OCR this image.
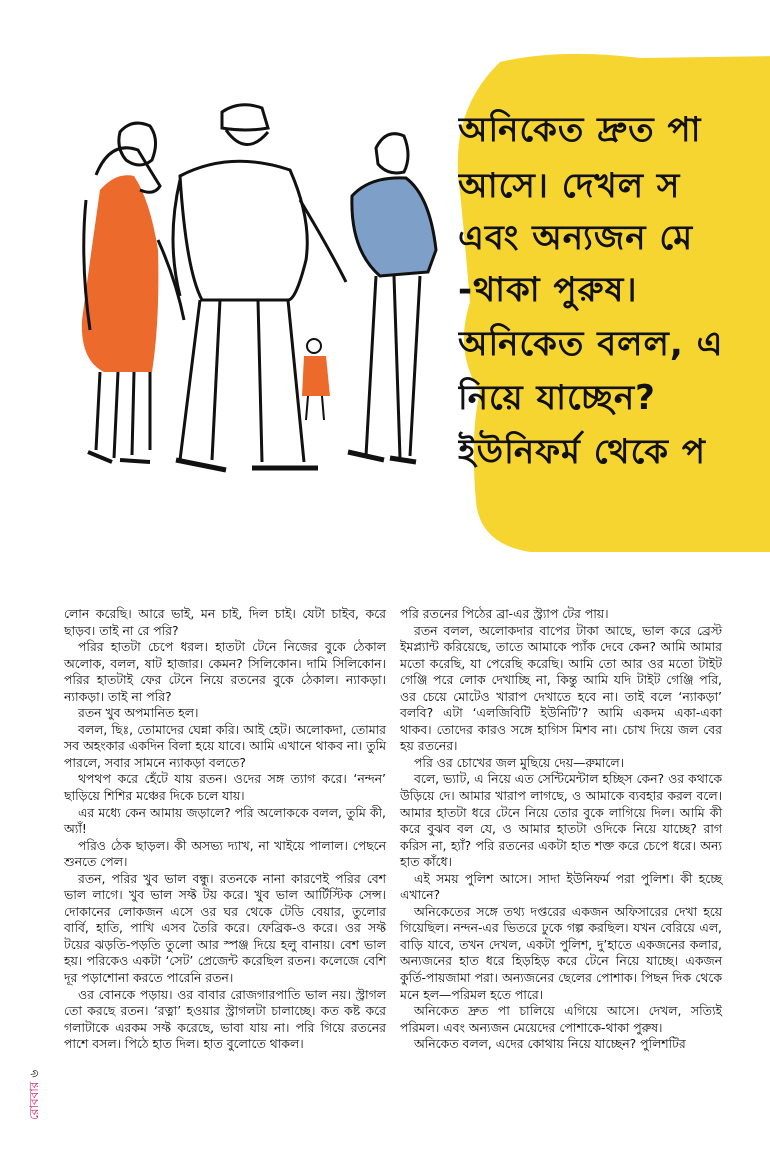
অনিকেত দ্রুত পা
আসে। দেখল স
এবং অন্যজন মে
-থাকা পুরুষ।
অনিকেত বলল, এ
নিয়ে যাচ্ছেন?
ইউনিফর্ম থেকে প

লোন করেছি। আরে ভাই, মন চাই, দিল চাই। যেটা চাইব, করে ছাড়ব। তাই না রে পরি?

পরির হাতটা চেপে ধরল। হাতটা টেনে নিজের বুকে ঠেকাল অলোক, বলল, ষাট হাজার। কেমন? সিলিকোন। দামি সিলিকোন। পরির হাতটাই ফের টেনে নিয়ে রতনের বুকে ঠেকাল। ন্যাকড়া। ন্যাকড়া। তাই না পরি?

রতন খুব অপমানিত হল।

বলল, ছিঃ, তোমাদের ঘেন্না করি। আই হেট। অলোকদা, তোমার সব অহংকার একদিন বিলা হয়ে যাবে। আমি এখানে থাকব না। তুমি পারলে, সবার সামনে ন্যাকড়া বলতে?

থপথপ করে হেঁটে যায় রতন। ওদের সঙ্গ ত্যাগ করে। ‘নন্দন’ ছাড়িয়ে শিশির মঞ্চের দিকে চলে যায়।

এর মধ্যে কেন আমায় জড়ালে? পরি অলোককে বলল, তুমি কী, অ্যাঁ!

পরিও ঠেক ছাড়ল। কী অসভ্য দ্যাখ, না খাইয়ে পালাল। পেছনে শুনতে পেল।

রতন, পরির খুব ভাল বন্ধু। রতনকে নানা কারণেই পরির বেশ ভাল লাগে। খুব ভাল সফ্ট টয় করে। খুব ভাল আর্টিস্টিক সেন্স। দোকানের লোকজন এসে ওর ঘর থেকে টেডি বেয়ার, তুলোর বার্বি, হাতি, পাখি এসব তৈরি করে। ফেব্রিক-ও করে। ওর সফ্ট টয়ের ঝড়তি-পড়তি তুলো আর স্পঞ্জ দিয়ে হলু বানায়। বেশ ভাল হয়। পরিকেও একটা ‘সেট’ প্রেজেন্ট করেছিল রতন। কলেজে বেশি দূর পড়াশোনা করতে পারেনি রতন।

ওর বোনকে পড়ায়। ওর বাবার রোজগারপাতি ভাল নয়। স্ট্রাগল তো করছে রতন। ‘রত্না’ হওয়ার স্ট্রাগলটা চালাচ্ছে। কত কষ্ট করে গলাটাকে এরকম সফ্ট করেছে, ভাবা যায় না। পরি গিয়ে রতনের পাশে বসল। পিঠে হাত দিল। হাত বুলোতে থাকল।

পরি রতনের পিঠের ব্রা-এর স্ট্র্যাপ টের পায়।

রতন বলল, অলোকদার বাপের টাকা আছে, ভাল করে ব্রেস্ট ইমপ্ল্যান্ট করিয়েছে, তাতে আমাকে প্যাঁক দেবে কেন? আমি আমার মতো করেছি, যা পেরেছি করেছি। আমি তো আর ওর মতো টাইট গেঞ্জি পরে লোক দেখাচ্ছি না, কিন্তু আমি যদি টাইট গেঞ্জি পরি, ওর চেয়ে মোটেও খারাপ দেখাতে হবে না। তাই বলে ‘ন্যাকড়া’ বলবি? এটা ‘এলজিবিটি ইউনিটি’? আমি একদম একা-একা থাকব। তোদের কারও সঙ্গে হাগিস মিশব না। চোখ দিয়ে জল বের হয় রতনের।

পরি ওর চোখের জল মুছিয়ে দেয়—রুমালে।

বলে, ভ্যাট, এ নিয়ে এত সেন্টিমেন্টাল হচ্ছিস কেন? ওর কথাকে উড়িয়ে দে। আমার খারাপ লাগছে, ও আমাকে ব্যবহার করল বলে। আমার হাতটা ধরে টেনে নিয়ে তোর বুকে লাগিয়ে দিল। আমি কী করে বুঝব বল যে, ও আমার হাতটা ওদিকে নিয়ে যাচ্ছে? রাগ করিস না, হ্যাঁ? পরি রতনের একটা হাত শক্ত করে চেপে ধরে। অন্য হাত কাঁধে।

এই সময় পুলিশ আসে। সাদা ইউনিফর্ম পরা পুলিশ। কী হচ্ছে এখানে?

অনিকেতের সঙ্গে তথ্য দপ্তরের একজন অফিসারের দেখা হয়ে গিয়েছিল। নন্দন-এর ভিতরে ঢুকে গল্প করছিল। যখন বেরিয়ে এল, বাড়ি যাবে, তখন দেখল, একটা পুলিশ, দু’হাতে একজনের কলার, অন্যজনের হাত ধরে হিড়হিড় করে টেনে নিয়ে যাচ্ছে। একজন কুর্তি-পায়জামা পরা। অন্যজনের ছেলের পোশাক। পিছন দিক থেকে মনে হল—পরিমল হতে পারে।

অনিকেত দ্রুত পা চালিয়ে এগিয়ে আসে। দেখল, সত্যিই পরিমল। এবং অন্যজন মেয়েদের পোশাকে-থাকা পুরুষ।

অনিকেত বলল, এদের কোথায় নিয়ে যাচ্ছেন? পুলিশটির

রোববার৬
